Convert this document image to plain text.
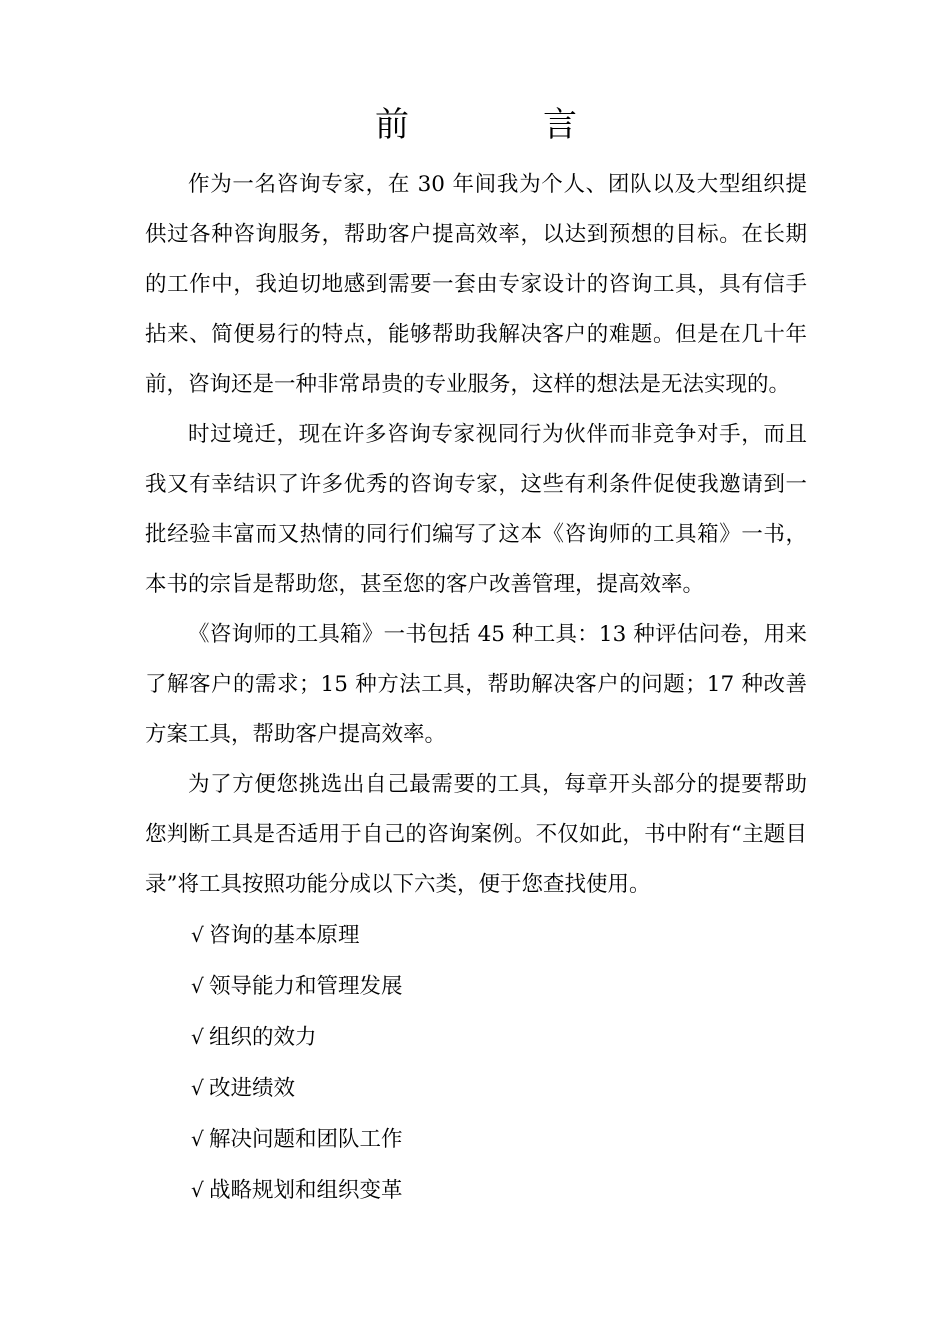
前　言

作为一名咨询专家，在 30 年间我为个人、团队以及大型组织提供过各种咨询服务，帮助客户提高效率，以达到预想的目标。在长期的工作中，我迫切地感到需要一套由专家设计的咨询工具，具有信手拈来、简便易行的特点，能够帮助我解决客户的难题。但是在几十年前，咨询还是一种非常昂贵的专业服务，这样的想法是无法实现的。

时过境迁，现在许多咨询专家视同行为伙伴而非竞争对手，而且我又有幸结识了许多优秀的咨询专家，这些有利条件促使我邀请到一批经验丰富而又热情的同行们编写了这本《咨询师的工具箱》一书，本书的宗旨是帮助您，甚至您的客户改善管理，提高效率。

《咨询师的工具箱》一书包括 45 种工具：13 种评估问卷，用来了解客户的需求；15 种方法工具，帮助解决客户的问题；17 种改善方案工具，帮助客户提高效率。

为了方便您挑选出自己最需要的工具，每章开头部分的提要帮助您判断工具是否适用于自己的咨询案例。不仅如此，书中附有“主题目录”将工具按照功能分成以下六类，便于您查找使用。

√ 咨询的基本原理
√ 领导能力和管理发展
√ 组织的效力
√ 改进绩效
√ 解决问题和团队工作
√ 战略规划和组织变革
